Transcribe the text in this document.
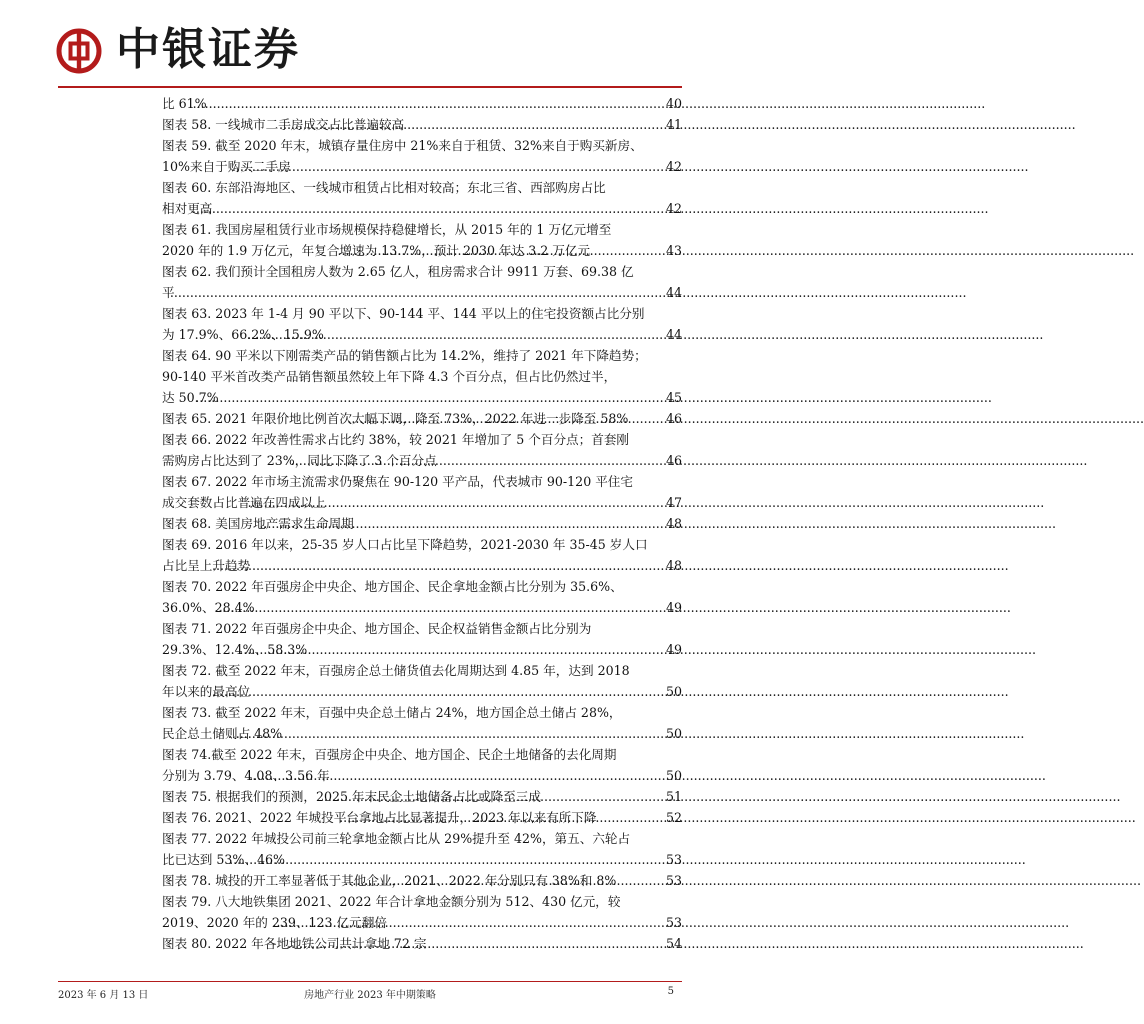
中银证券
比 61% .....	40
图表 58. 一线城市二手房成交占比普遍较高 .....	41
图表 59. 截至 2020 年末，城镇存量住房中 21%来自于租赁、32%来自于购买新房、
10%来自于购买二手房 .....	42
图表 60. 东部沿海地区、一线城市租赁占比相对较高；东北三省、西部购房占比
相对更高 .....	42
图表 61. 我国房屋租赁行业市场规模保持稳健增长，从 2015 年的 1 万亿元增至
2020 年的 1.9 万亿元，年复合增速为 13.7%，预计 2030 年达 3.2 万亿元 .....	43
图表 62. 我们预计全国租房人数为 2.65 亿人，租房需求合计 9911 万套、69.38 亿
平 .....	44
图表 63. 2023 年 1-4 月 90 平以下、90-144 平、144 平以上的住宅投资额占比分别
为 17.9%、66.2%、15.9% .....	44
图表 64. 90 平米以下刚需类产品的销售额占比为 14.2%，维持了 2021 年下降趋势；
90-140 平米首改类产品销售额虽然较上年下降 4.3 个百分点，但占比仍然过半，
达 50.7% .....	45
图表 65. 2021 年限价地比例首次大幅下调，降至 73%，2022 年进一步降至 58% .....	46
图表 66. 2022 年改善性需求占比约 38%，较 2021 年增加了 5 个百分点；首套刚
需购房占比达到了 23%，同比下降了 3 个百分点 .....	46
图表 67. 2022 年市场主流需求仍聚焦在 90-120 平产品，代表城市 90-120 平住宅
成交套数占比普遍在四成以上 .....	47
图表 68. 美国房地产需求生命周期 .....	48
图表 69. 2016 年以来，25-35 岁人口占比呈下降趋势，2021-2030 年 35-45 岁人口
占比呈上升趋势 .....	48
图表 70. 2022 年百强房企中央企、地方国企、民企拿地金额占比分别为 35.6%、
36.0%、28.4% .....	49
图表 71. 2022 年百强房企中央企、地方国企、民企权益销售金额占比分别为
29.3%、12.4%、58.3% .....	49
图表 72. 截至 2022 年末，百强房企总土储货值去化周期达到 4.85 年，达到 2018
年以来的最高位 .....	50
图表 73. 截至 2022 年末，百强中央企总土储占 24%，地方国企总土储占 28%，
民企总土储则占 48% .....	50
图表 74.截至 2022 年末，百强房企中央企、地方国企、民企土地储备的去化周期
分别为 3.79、4.08、3.56 年 .....	50
图表 75. 根据我们的预测，2025 年末民企土地储备占比或降至三成 .....	51
图表 76. 2021、2022 年城投平台拿地占比显著提升，2023 年以来有所下降 .....	52
图表 77. 2022 年城投公司前三轮拿地金额占比从 29%提升至 42%，第五、六轮占
比已达到 53%、46% .....	53
图表 78. 城投的开工率显著低于其他企业，2021、2022 年分别只有 38%和 8% .....	53
图表 79. 八大地铁集团 2021、2022 年合计拿地金额分别为 512、430 亿元，较
2019、2020 年的 239、123 亿元翻倍 .....	53
图表 80. 2022 年各地地铁公司共计拿地 72 宗 .....	54
2023 年 6 月 13 日	房地产行业 2023 年中期策略	5
